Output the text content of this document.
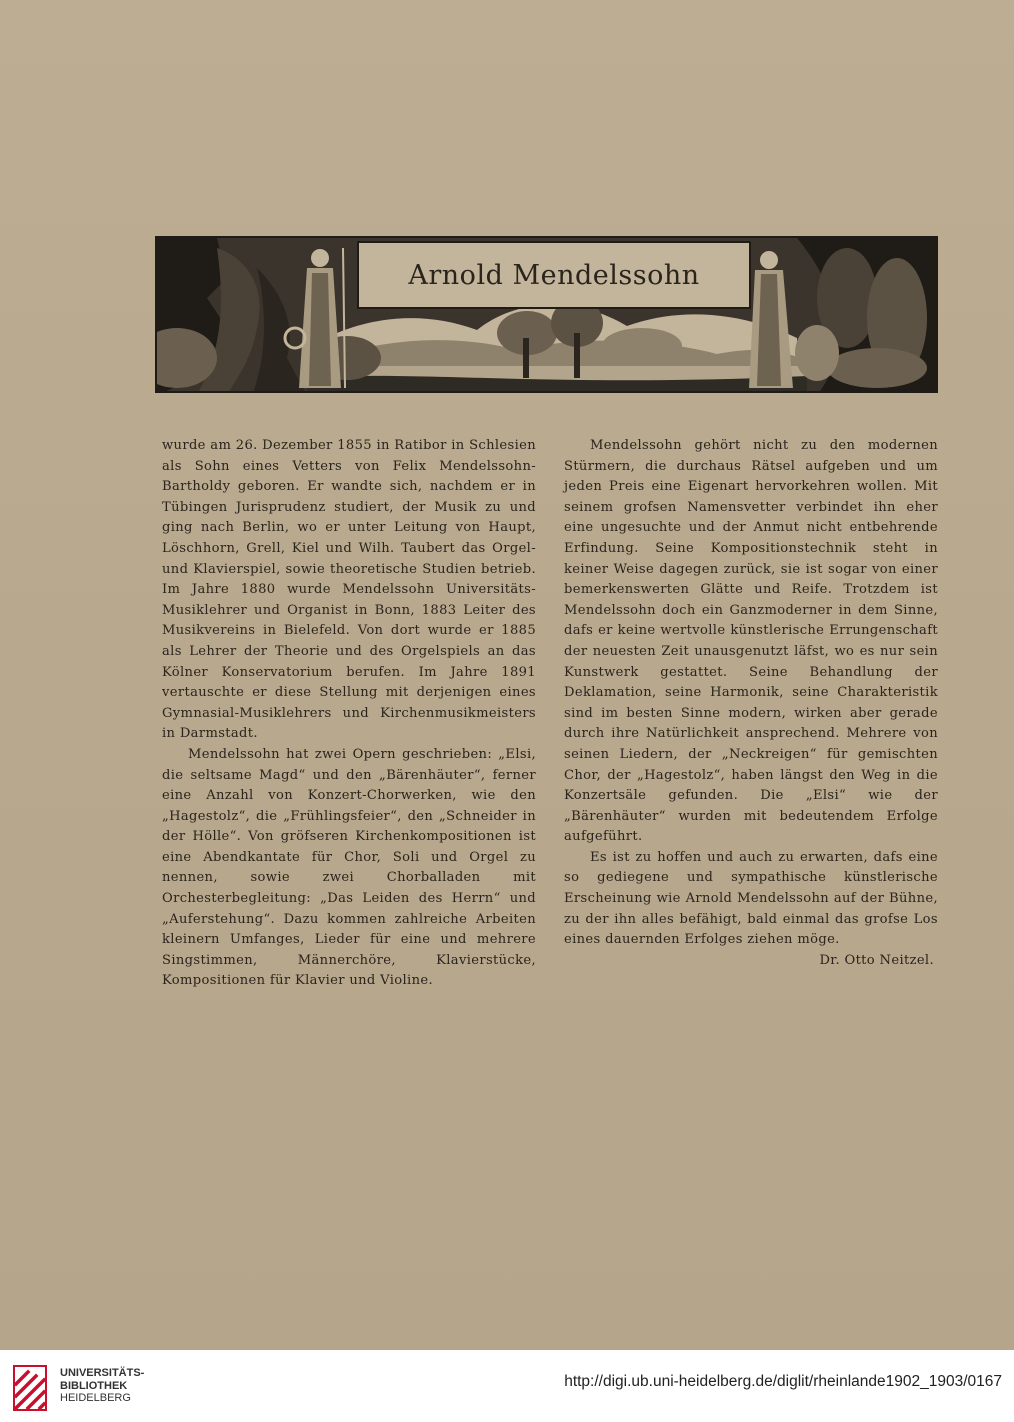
Arnold Mendelssohn

wurde am 26. Dezember 1855 in Ratibor in Schlesien als Sohn eines Vetters von Felix Mendelssohn-Bartholdy geboren. Er wandte sich, nachdem er in Tübingen Jurisprudenz studiert, der Musik zu und ging nach Berlin, wo er unter Leitung von Haupt, Löschhorn, Grell, Kiel und Wilh. Taubert das Orgel- und Klavierspiel, sowie theoretische Studien betrieb. Im Jahre 1880 wurde Mendelssohn Universitäts-Musiklehrer und Organist in Bonn, 1883 Leiter des Musikvereins in Bielefeld. Von dort wurde er 1885 als Lehrer der Theorie und des Orgelspiels an das Kölner Konservatorium berufen. Im Jahre 1891 vertauschte er diese Stellung mit derjenigen eines Gymnasial-Musiklehrers und Kirchenmusikmeisters in Darmstadt.

Mendelssohn hat zwei Opern geschrieben: „Elsi, die seltsame Magd“ und den „Bärenhäuter“, ferner eine Anzahl von Konzert-Chorwerken, wie den „Hagestolz“, die „Frühlingsfeier“, den „Schneider in der Hölle“. Von gröfseren Kirchenkompositionen ist eine Abendkantate für Chor, Soli und Orgel zu nennen, sowie zwei Chorballaden mit Orchesterbegleitung: „Das Leiden des Herrn“ und „Auferstehung“. Dazu kommen zahlreiche Arbeiten kleinern Umfanges, Lieder für eine und mehrere Singstimmen, Männerchöre, Klavierstücke, Kompositionen für Klavier und Violine.

Mendelssohn gehört nicht zu den modernen Stürmern, die durchaus Rätsel aufgeben und um jeden Preis eine Eigenart hervorkehren wollen. Mit seinem grofsen Namensvetter verbindet ihn eher eine ungesuchte und der Anmut nicht entbehrende Erfindung. Seine Kompositionstechnik steht in keiner Weise dagegen zurück, sie ist sogar von einer bemerkenswerten Glätte und Reife. Trotzdem ist Mendelssohn doch ein Ganzmoderner in dem Sinne, dafs er keine wertvolle künstlerische Errungenschaft der neuesten Zeit unausgenutzt läfst, wo es nur sein Kunstwerk gestattet. Seine Behandlung der Deklamation, seine Harmonik, seine Charakteristik sind im besten Sinne modern, wirken aber gerade durch ihre Natürlichkeit ansprechend. Mehrere von seinen Liedern, der „Neckreigen“ für gemischten Chor, der „Hagestolz“, haben längst den Weg in die Konzertsäle gefunden. Die „Elsi“ wie der „Bärenhäuter“ wurden mit bedeutendem Erfolge aufgeführt.

Es ist zu hoffen und auch zu erwarten, dafs eine so gediegene und sympathische künstlerische Erscheinung wie Arnold Mendelssohn auf der Bühne, zu der ihn alles befähigt, bald einmal das grofse Los eines dauernden Erfolges ziehen möge.

Dr. Otto Neitzel.

UNIVERSITÄTS-
BIBLIOTHEK
HEIDELBERG
http://digi.ub.uni-heidelberg.de/diglit/rheinlande1902_1903/0167
